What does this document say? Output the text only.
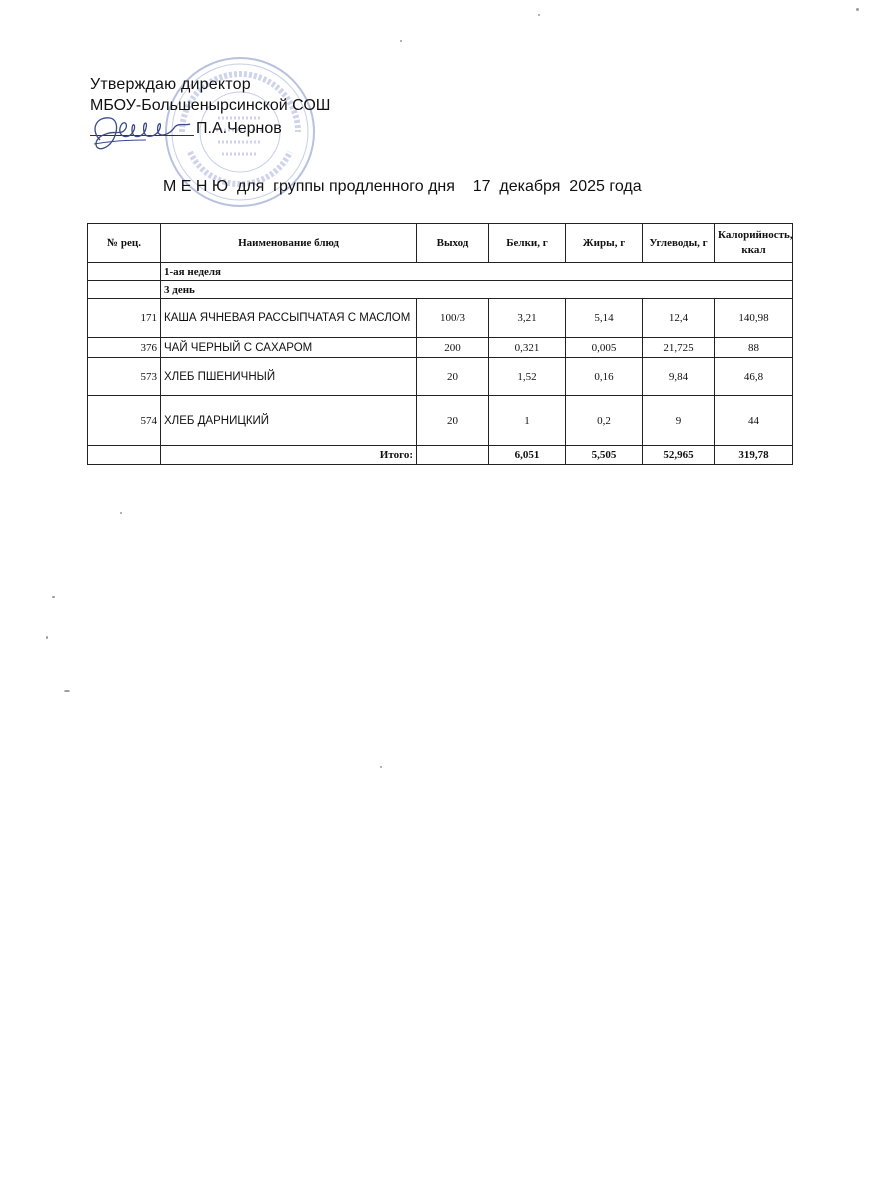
Утверждаю директор
МБОУ-Большенырсинской СОШ
П.А.Чернов
М Е Н Ю  для  группы продленного дня    17  декабря  2025 года
№ рец.	Наименование блюд	Выход	Белки, г	Жиры, г	Углеводы, г	Калорийность, ккал
	1-ая неделя					
	3 день					
171	КАША ЯЧНЕВАЯ РАССЫПЧАТАЯ С МАСЛОМ	100/3	3,21	5,14	12,4	140,98
376	ЧАЙ ЧЕРНЫЙ С САХАРОМ	200	0,321	0,005	21,725	88
573	ХЛЕБ ПШЕНИЧНЫЙ	20	1,52	0,16	9,84	46,8
574	ХЛЕБ ДАРНИЦКИЙ	20	1	0,2	9	44
	Итого:		6,051	5,505	52,965	319,78
